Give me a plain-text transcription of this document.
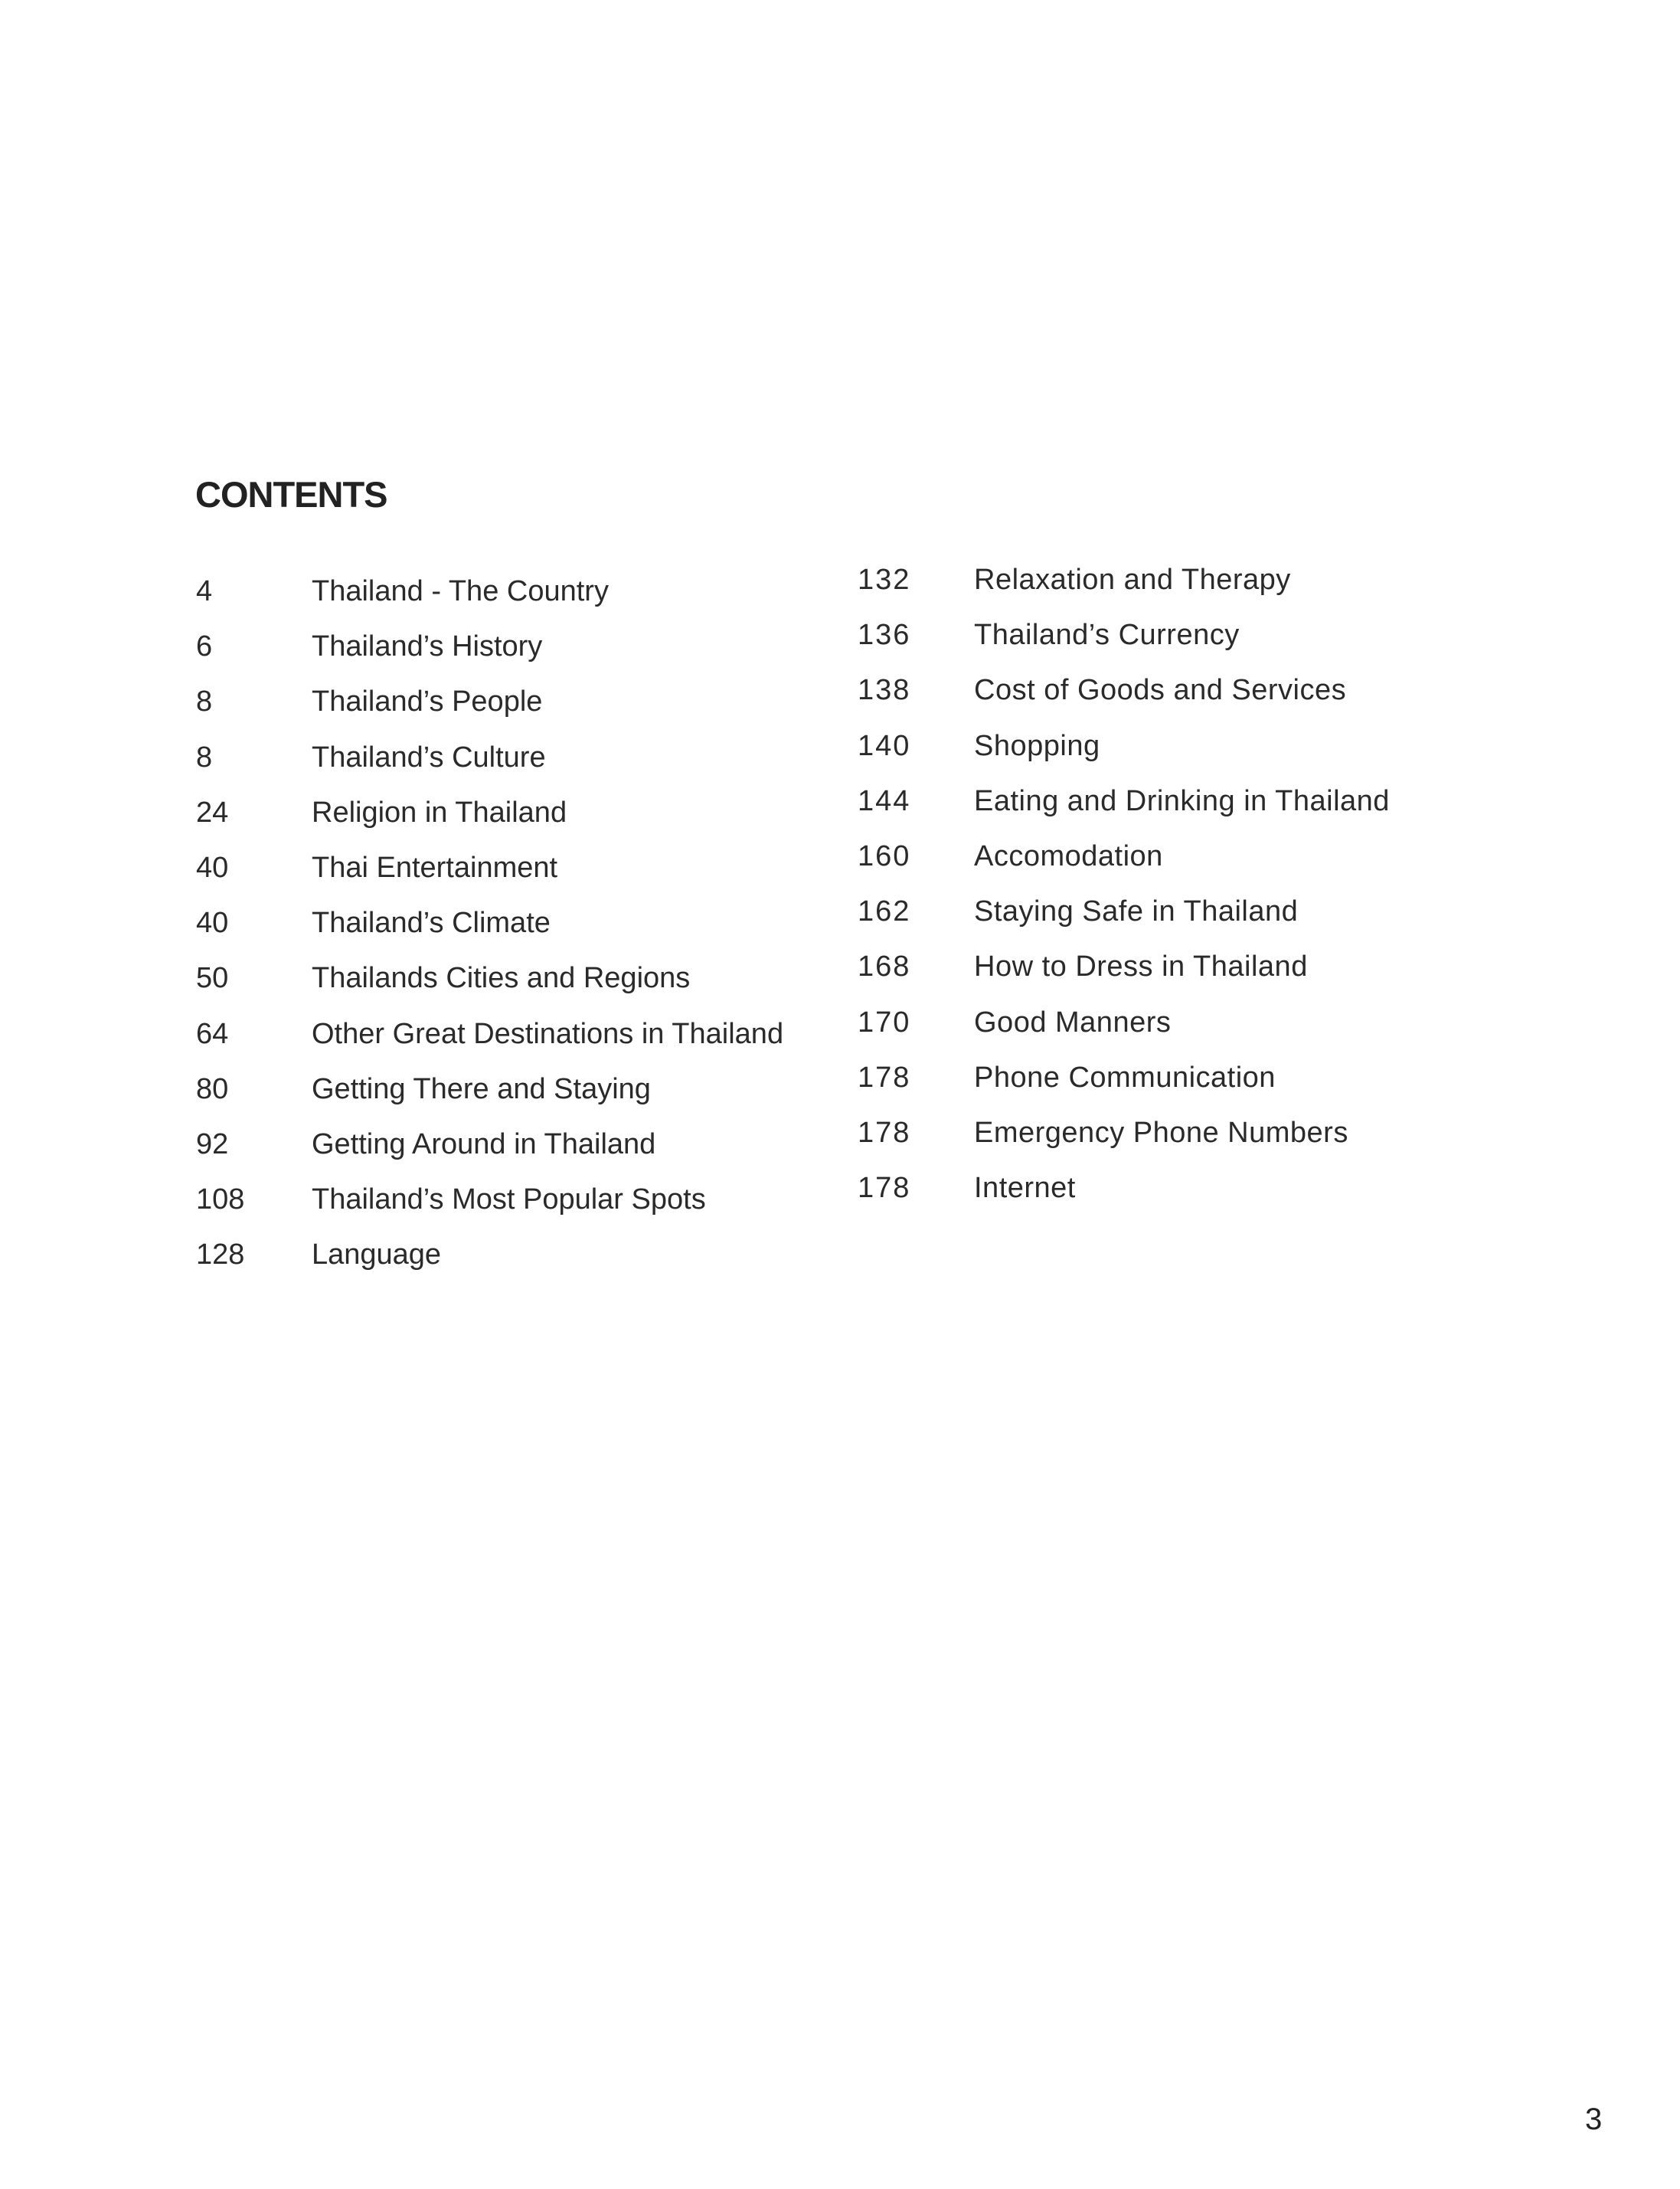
CONTENTS
4	Thailand - The Country
6	Thailand’s History
8	Thailand’s People
8	Thailand’s Culture
24	Religion in Thailand
40	Thai Entertainment
40	Thailand’s Climate
50	Thailands Cities and Regions
64	Other Great Destinations in Thailand
80	Getting There and Staying
92	Getting Around in Thailand
108 Thailand’s Most Popular Spots
128 Language
132 Relaxation and Therapy
136 Thailand’s Currency
138 Cost of Goods and Services
140 Shopping
144 Eating and Drinking in Thailand
160 Accomodation
162 Staying Safe in Thailand
168 How to Dress in Thailand
170 Good Manners
178 Phone Communication
178 Emergency Phone Numbers
178 Internet
3
